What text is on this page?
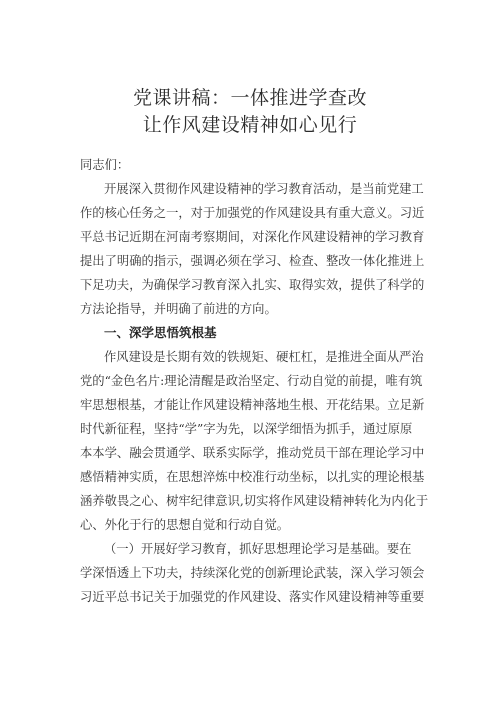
党课讲稿：一体推进学查改
让作风建设精神如心见行
同志们：
开展深入贯彻作风建设精神的学习教育活动，是当前党建工
作的核心任务之一，对于加强党的作风建设具有重大意义。习近
平总书记近期在河南考察期间，对深化作风建设精神的学习教育
提出了明确的指示，强调必须在学习、检查、整改一体化推进上
下足功夫，为确保学习教育深入扎实、取得实效，提供了科学的
方法论指导，并明确了前进的方向。
一、深学思悟筑根基
作风建设是长期有效的铁规矩、硬杠杠，是推进全面从严治
党的“金色名片:理论清醒是政治坚定、行动自觉的前提，唯有筑
牢思想根基，才能让作风建设精神落地生根、开花结果。立足新
时代新征程，坚持“学”字为先，以深学细悟为抓手，通过原原
本本学、融会贯通学、联系实际学，推动党员干部在理论学习中
感悟精神实质，在思想淬炼中校准行动坐标，以扎实的理论根基
涵养敬畏之心、树牢纪律意识,切实将作风建设精神转化为内化于
心、外化于行的思想自觉和行动自觉。
（一）开展好学习教育，抓好思想理论学习是基础。要在
学深悟透上下功夫，持续深化党的创新理论武装，深入学习领会
习近平总书记关于加强党的作风建设、落实作风建设精神等重要
